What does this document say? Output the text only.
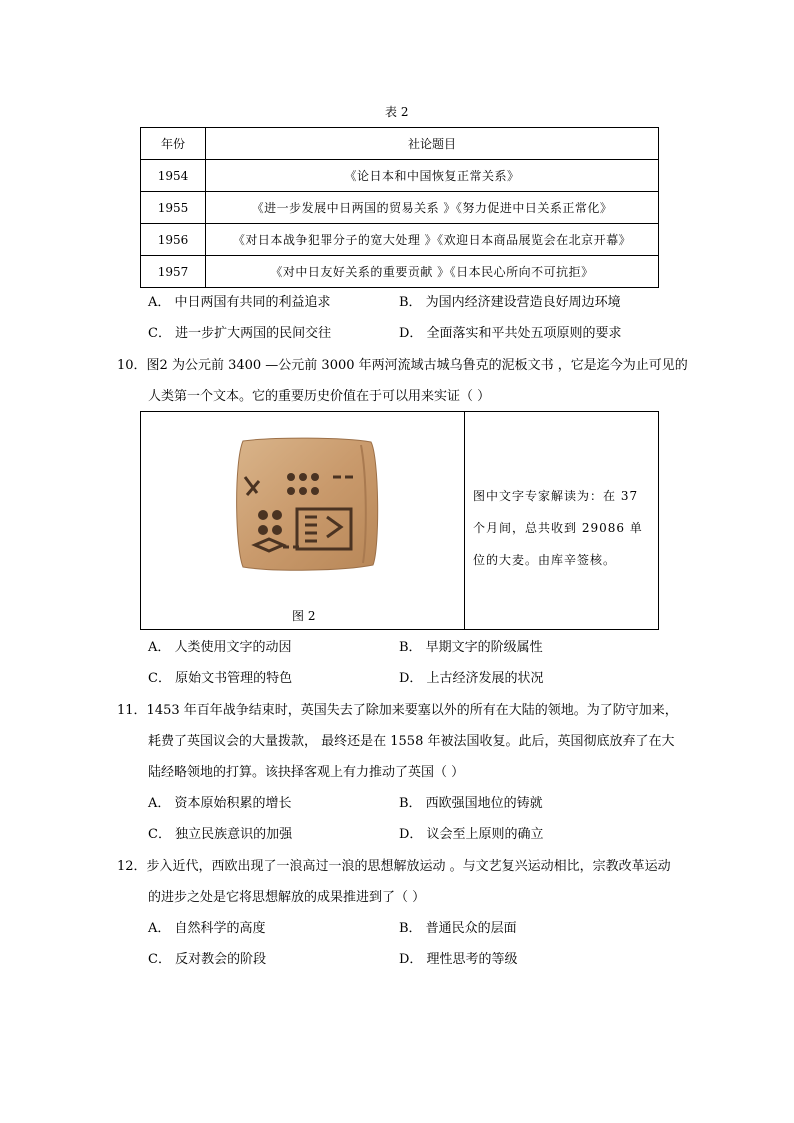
表 2
年份	社论题目
1954	《论日本和中国恢复正常关系》
1955	《进一步发展中日两国的贸易关系 》《努力促进中日关系正常化》
1956	《对日本战争犯罪分子的宽大处理 》《欢迎日本商品展览会在北京开幕》
1957	《对中日友好关系的重要贡献 》《日本民心所向不可抗拒》
A． 中日两国有共同的利益追求	B． 为国内经济建设营造良好周边环境
C． 进一步扩大两国的民间交往	D． 全面落实和平共处五项原则的要求
10．图2 为公元前 3400 —公元前 3000 年两河流域古城乌鲁克的泥板文书 ，它是迄今为止可见的
人类第一个文本。它的重要历史价值在于可以用来实证（ ）
图 2
图中文字专家解读为：在 37 个月间，总共收到 29086 单位的大麦。由库辛签核。
A． 人类使用文字的动因	B． 早期文字的阶级属性
C． 原始文书管理的特色	D． 上古经济发展的状况
11．1453 年百年战争结束时，英国失去了除加来要塞以外的所有在大陆的领地。为了防守加来，
耗费了英国议会的大量拨款， 最终还是在 1558 年被法国收复。此后，英国彻底放弃了在大
陆经略领地的打算。该抉择客观上有力推动了英国（ ）
A． 资本原始积累的增长	B． 西欧强国地位的铸就
C． 独立民族意识的加强	D． 议会至上原则的确立
12．步入近代，西欧出现了一浪高过一浪的思想解放运动 。与文艺复兴运动相比，宗教改革运动
的进步之处是它将思想解放的成果推进到了（ ）
A． 自然科学的高度	B． 普通民众的层面
C． 反对教会的阶段	D． 理性思考的等级
